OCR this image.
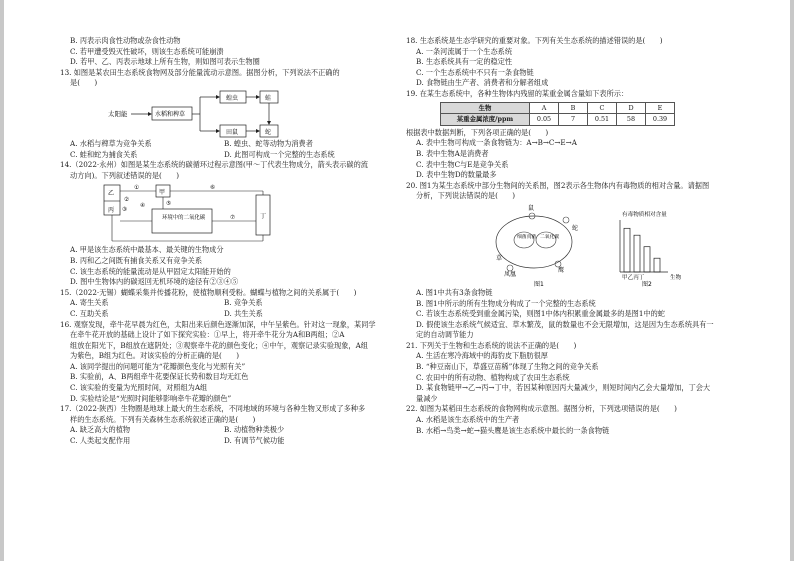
B. 丙表示肉食性动物或杂食性动物
C. 若甲遭受毁灭性破坏，则该生态系统可能崩溃
D. 若甲、乙、丙表示地球上所有生物，则如图可表示生物圈
13. 如图是某农田生态系统食物网及部分能量流动示意图。据图分析，下列说法不正确的
是(　　)
太阳能	水稻和稗草
蝗虫
田鼠
蛙
蛇
A. 水稻与稗草为竞争关系	B. 蝗虫、蛇等动物为消费者
C. 蛙和蛇为捕食关系	D. 此图可构成一个完整的生态系统
14.（2022·永州）如图是某生态系统的碳循环过程示意图(甲～丁代表生物成分，箭头表示碳的流
动方向)。下列叙述错误的是(　　)
乙
丙
甲
环境中的二氧化碳	丁
①
②
③
④	⑤
⑥
⑦
A. 甲是该生态系统中最基本、最关键的生物成分
B. 丙和乙之间既有捕食关系又有竞争关系
C. 该生态系统的能量流动是从甲固定太阳能开始的
D. 图中生物体内的碳返回无机环境的途径有②③④⑤
15.（2022·无锡）蝴蝶采集并传播花粉，使植物顺利受粉。蝴蝶与植物之间的关系属于(　　)
A. 寄生关系	B. 竞争关系
C. 互助关系	D. 共生关系
16. 观察发现，牵牛花早晨为红色，太阳出来后颜色逐渐加深，中午呈紫色。针对这一现象，某同学
在牵牛花开放的基础上设计了如下探究实验：①早上，将开牵牛花分为A和B两组；②A
组放在阳光下，B组放在遮阴处；③观察牵牛花的颜色变化；④中午，观察记录实验现象，A组
为紫色，B组为红色。对该实验的分析正确的是(　　)
A. 该同学提出的问题可能为“花瓣颜色变化与光照有关”
B. 实验前，A、B两组牵牛花要保证长势和数目均无红色
C. 该实验的变量为光照时间，对照组为A组
D. 实验结论是“光照时间能够影响牵牛花瓣的颜色”
17.（2022·陕西）生物圈是地球上最大的生态系统，不同地域的环境与各种生物又形成了多种多
样的生态系统。下列有关森林生态系统叙述正确的是(　　)
A. 缺乏高大的植物	B. 动植物种类极少
C. 人类起支配作用	D. 有调节气候功能
18. 生态系统是生态学研究的重要对象。下列有关生态系统的描述错误的是(　　)
A. 一条河流属于一个生态系统
B. 生态系统具有一定的稳定性
C. 一个生态系统中不只有一条食物链
D. 食物链由生产者、消费者和分解者组成
19. 在某生态系统中，各种生物体内残留的某重金属含量如下表所示：
生物	A	B	C	D	E
某重金属浓度/ppm	0.05	7	0.51	58	0.39
根据表中数据判断，下列各项正确的是(　　)
A. 表中生物可构成一条食物链为：A→B→C→E→A
B. 表中生物A是消费者
C. 表中生物C与E是竞争关系
D. 表中生物D的数量最多
20. 图1为某生态系统中部分生物间的关系图，图2表示各生物体内有毒物质的相对含量。请据图
分析，下列说法错误的是(　　)
鼠
蛇
细菌真菌 二氧化碳
草
凤凰
鹰
图1
有毒物质相对含量
甲乙丙丁	生物
图2
A. 图1中共有3条食物链
B. 图1中所示的所有生物成分构成了一个完整的生态系统
C. 若该生态系统受到重金属污染，则图1中体内积累重金属最多的是图1中的蛇
D. 假使该生态系统气候适宜、草木繁茂，鼠的数量也不会无限增加，这是因为生态系统具有一
定的自动调节能力
21. 下列关于生物和生态系统的说法不正确的是(　　)
A. 生活在寒冷海域中的海豹皮下脂肪很厚
B. “种豆南山下，草盛豆苗稀”体现了生物之间的竞争关系
C. 农田中的所有动物、植物构成了农田生态系统
D. 某食物链甲→乙→丙→丁中，若因某种原因丙大量减少，则短时间内乙会大量增加，丁会大
量减少
22. 如图为某稻田生态系统的食物网构成示意图。据图分析，下列选项错误的是(　　)
A. 水稻是该生态系统中的生产者
B. 水稻→鸟类→蛇→猫头鹰是该生态系统中最长的一条食物链
